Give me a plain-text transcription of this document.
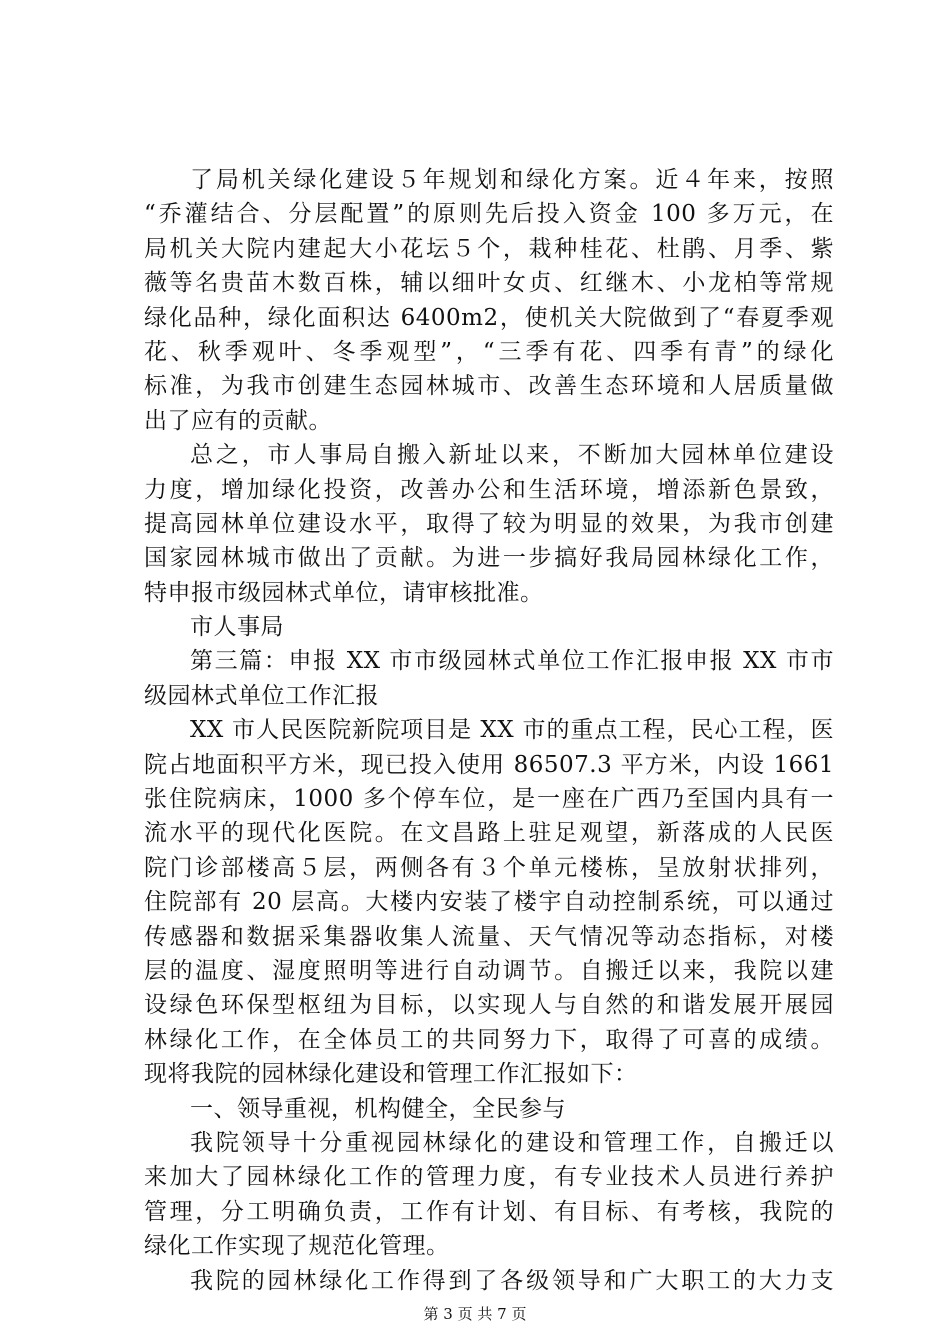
了局机关绿化建设５年规划和绿化方案。近４年来，按照
“乔灌结合、分层配置”的原则先后投入资金 100 多万元，在
局机关大院内建起大小花坛５个，栽种桂花、杜鹃、月季、紫
薇等名贵苗木数百株，辅以细叶女贞、红继木、小龙柏等常规
绿化品种，绿化面积达 6400m2，使机关大院做到了“春夏季观
花、秋季观叶、冬季观型”，“三季有花、四季有青”的绿化
标准，为我市创建生态园林城市、改善生态环境和人居质量做
出了应有的贡献。
总之，市人事局自搬入新址以来，不断加大园林单位建设
力度，增加绿化投资，改善办公和生活环境，增添新色景致，
提高园林单位建设水平，取得了较为明显的效果，为我市创建
国家园林城市做出了贡献。为进一步搞好我局园林绿化工作，
特申报市级园林式单位，请审核批准。
市人事局
第三篇：申报 XX 市市级园林式单位工作汇报申报 XX 市市
级园林式单位工作汇报
XX 市人民医院新院项目是 XX 市的重点工程，民心工程，医
院占地面积平方米，现已投入使用 86507.3 平方米，内设 1661
张住院病床，1000 多个停车位，是一座在广西乃至国内具有一
流水平的现代化医院。在文昌路上驻足观望，新落成的人民医
院门诊部楼高５层，两侧各有３个单元楼栋，呈放射状排列，
住院部有 20 层高。大楼内安装了楼宇自动控制系统，可以通过
传感器和数据采集器收集人流量、天气情况等动态指标，对楼
层的温度、湿度照明等进行自动调节。自搬迁以来，我院以建
设绿色环保型枢纽为目标，以实现人与自然的和谐发展开展园
林绿化工作，在全体员工的共同努力下，取得了可喜的成绩。
现将我院的园林绿化建设和管理工作汇报如下：
一、领导重视，机构健全，全民参与
我院领导十分重视园林绿化的建设和管理工作，自搬迁以
来加大了园林绿化工作的管理力度，有专业技术人员进行养护
管理，分工明确负责，工作有计划、有目标、有考核，我院的
绿化工作实现了规范化管理。
我院的园林绿化工作得到了各级领导和广大职工的大力支
第 3 页 共 7 页
